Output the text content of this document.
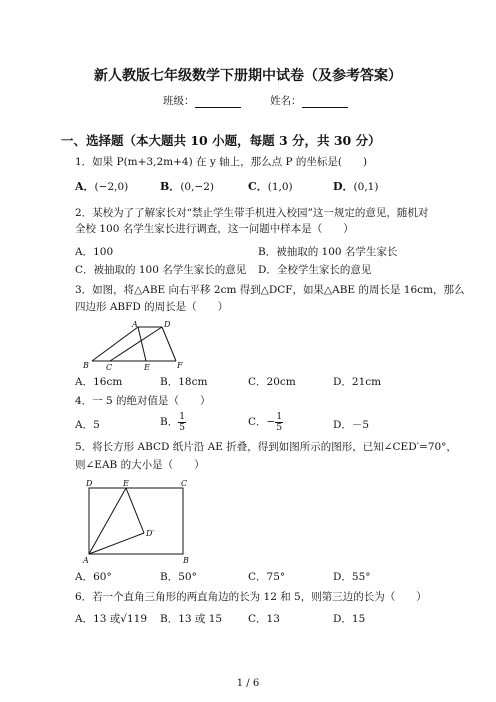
新人教版七年级数学下册期中试卷（及参考答案）
班级：	姓名：
一、选择题（本大题共 10 小题，每题 3 分，共 30 分）
1．如果 P(m+3,2m+4) 在 y 轴上，那么点 P 的坐标是(　　)
A．(−2,0)	B．(0,−2)	C．(1,0)	D．(0,1)
2．某校为了了解家长对“禁止学生带手机进入校园”这一规定的意见，随机对
全校 100 名学生家长进行调查，这一问题中样本是（　　）
A．100	B．被抽取的 100 名学生家长
C．被抽取的 100 名学生家长的意见 D．全校学生家长的意见
3．如图，将△ABE 向右平移 2cm 得到△DCF，如果△ABE 的周长是 16cm，那么
四边形 ABFD 的周长是（　　）
A	D
B C	E	F
A．16cm	B．18cm	C．20cm	D．21cm
4．一 5 的绝对值是（　　）
A．5	B． $\frac{1}{5}$	C．− $\frac{1}{5}$	D．－5
5．将长方形 ABCD 纸片沿 AE 折叠，得到如图所示的图形，已知∠CED′=70°，
则∠EAB 的大小是（　　）
D	E	C
D′
A	B
A．60°	B．50°	C．75°	D．55°
6．若一个直角三角形的两直角边的长为 12 和 5，则第三边的长为（　　）
A．13 或√119 B．13 或 15 C．13	D．15
1 / 6
